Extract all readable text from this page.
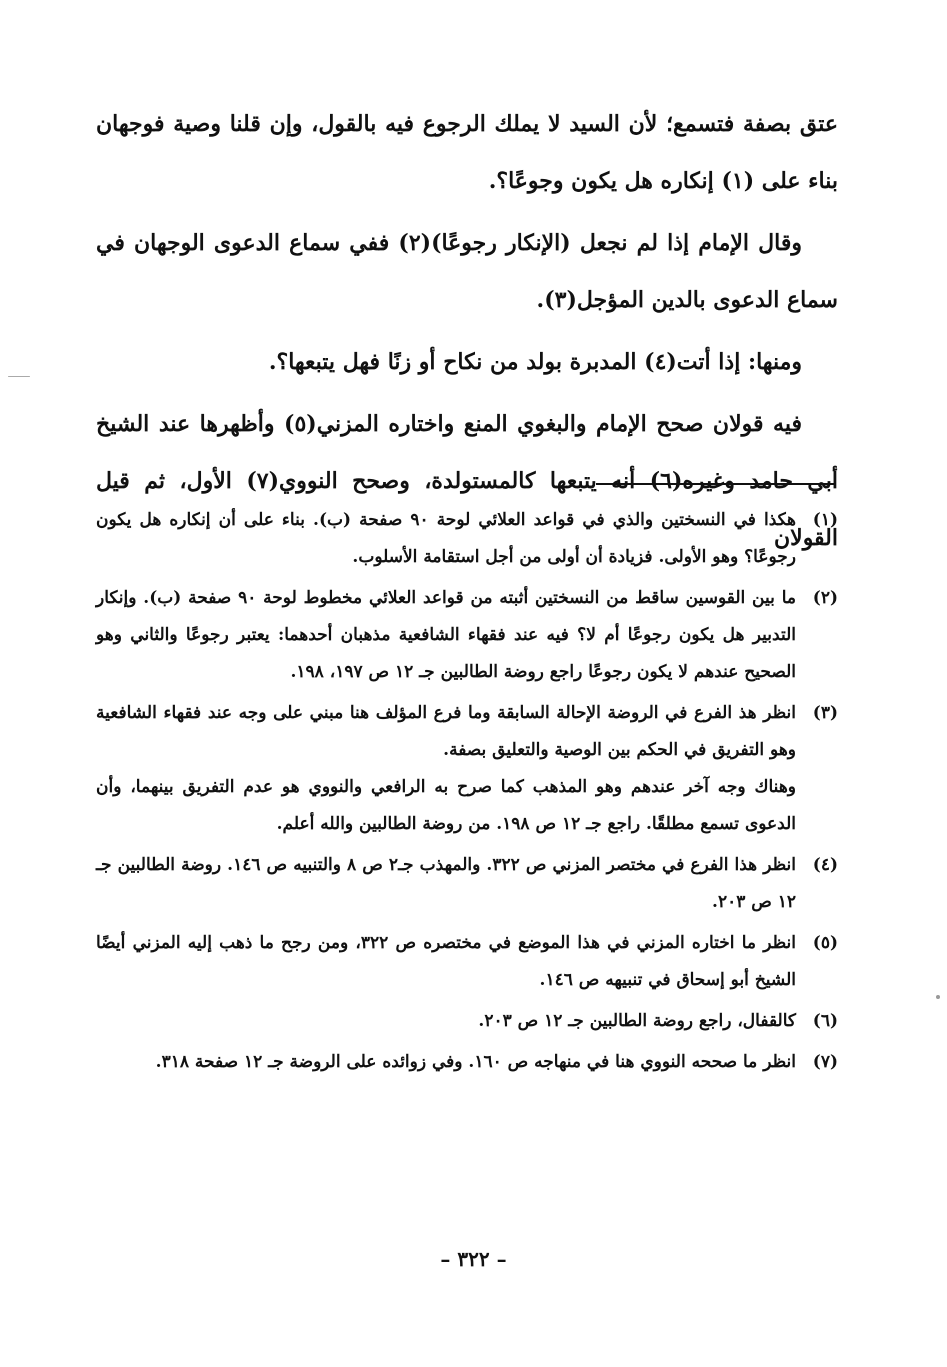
عتق بصفة فتسمع؛ لأن السيد لا يملك الرجوع فيه بالقول، وإن قلنا وصية فوجهان بناء على (١) إنكاره هل يكون وجوعًا؟.

وقال الإمام إذا لم نجعل (الإنكار رجوعًا)(٢) ففي سماع الدعوى الوجهان في سماع الدعوى بالدين المؤجل(٣).

ومنها: إذا أتت(٤) المدبرة بولد من نكاح أو زنًا فهل يتبعها؟.

فيه قولان صحح الإمام والبغوي المنع واختاره المزني(٥) وأظهرها عند الشيخ أبي حامد وغيره(٦) أنه يتبعها كالمستولدة، وصحح النووي(٧) الأول، ثم قيل القولان

(١)
هكذا في النسختين والذي في قواعد العلائي لوحة ٩٠ صفحة (ب). بناء على أن إنكاره هل يكون رجوعًا؟ وهو الأولى. فزيادة أن أولى من أجل استقامة الأسلوب.
(٢)
ما بين القوسين ساقط من النسختين أثبته من قواعد العلائي مخطوط لوحة ٩٠ صفحة (ب). وإنكار التدبير هل يكون رجوعًا أم لا؟ فيه عند فقهاء الشافعية مذهبان أحدهما: يعتبر رجوعًا والثاني وهو الصحيح عندهم لا يكون رجوعًا راجع روضة الطالبين جـ ١٢ ص ١٩٧، ١٩٨.
(٣)
انظر هذ الفرع في الروضة الإحالة السابقة وما فرع المؤلف هنا مبني على وجه عند فقهاء الشافعية وهو التفريق في الحكم بين الوصية والتعليق بصفة.
وهناك وجه آخر عندهم وهو المذهب كما صرح به الرافعي والنووي هو عدم التفريق بينهما، وأن الدعوى تسمع مطلقًا. راجع جـ ١٢ ص ١٩٨. من روضة الطالبين والله أعلم.
(٤)
انظر هذا الفرع في مختصر المزني ص ٣٢٢. والمهذب جـ٢ ص ٨ والتنبيه ص ١٤٦. روضة الطالبين جـ ١٢ ص ٢٠٣.
(٥)
انظر ما اختاره المزني في هذا الموضع في مختصره ص ٣٢٢، ومن رجح ما ذهب إليه المزني أيضًا الشيخ أبو إسحاق في تنبيهه ص ١٤٦.
(٦)
كالقفال، راجع روضة الطالبين جـ ١٢ ص ٢٠٣.
(٧)
انظر ما صححه النووي هنا في منهاجه ص ١٦٠. وفي زوائده على الروضة جـ ١٢ صفحة ٣١٨.
– ٣٢٢ –
